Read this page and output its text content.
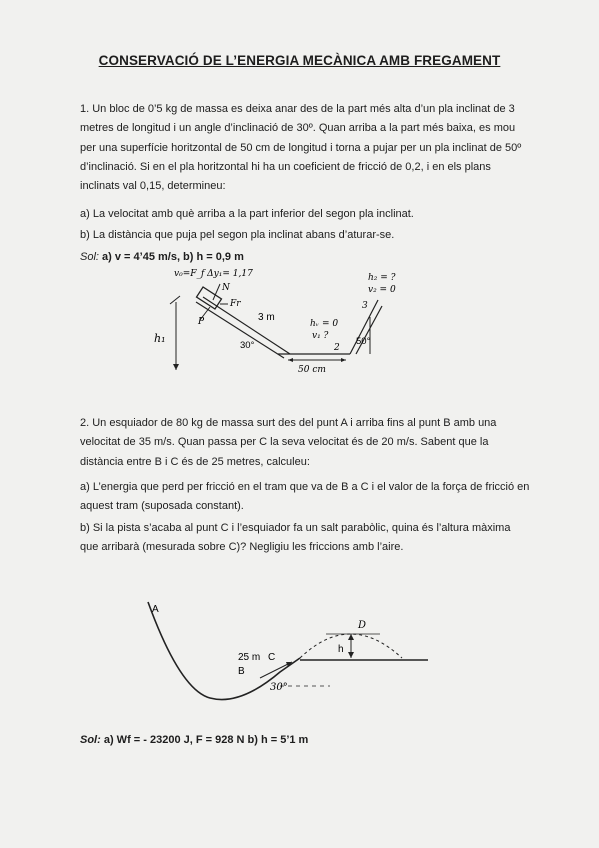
CONSERVACIÓ DE L’ENERGIA MECÀNICA AMB FREGAMENT
1. Un bloc de 0’5 kg de massa es deixa anar des de la part més alta d’un pla inclinat de 3 metres de longitud i un angle d’inclinació de 30º. Quan arriba a la part més baixa, es mou per una superfície horitzontal de 50 cm de longitud i torna a pujar per un pla inclinat de 50º d’inclinació. Si en el pla horitzontal hi ha un coeficient de fricció de 0,2, i en els plans inclinats val 0,15, determineu:
a) La velocitat amb què arriba a la part inferior del segon pla inclinat.
b) La distància que puja pel segon pla inclinat abans d’aturar-se.
Sol: a) v = 4’45 m/s, b) h = 0,9 m
3 m
30°	50°
50 cm
h₁
v₀=F_f Δy₁= 1,17
N
P
Fr
h₂ = ?
v₂ = 0
hᵥ = 0
v₁ ?
2
3
2. Un esquiador de 80 kg de massa surt des del punt A i arriba fins al punt B amb una velocitat de 35 m/s. Quan passa per C la seva velocitat és de 20 m/s. Sabent que la distància entre B i C és de 25 metres, calculeu:
a) L’energia que perd per fricció en el tram que va de B a C i el valor de la força de fricció en aquest tram (suposada constant).
b) Si la pista s’acaba al punt C i l’esquiador fa un salt parabòlic, quina és l’altura màxima que arribarà (mesurada sobre C)? Negligiu les friccions amb l’aire.
A
B
C
D
h
25 m
30°
Sol: a) Wf = - 23200 J, F = 928 N b) h = 5’1 m
